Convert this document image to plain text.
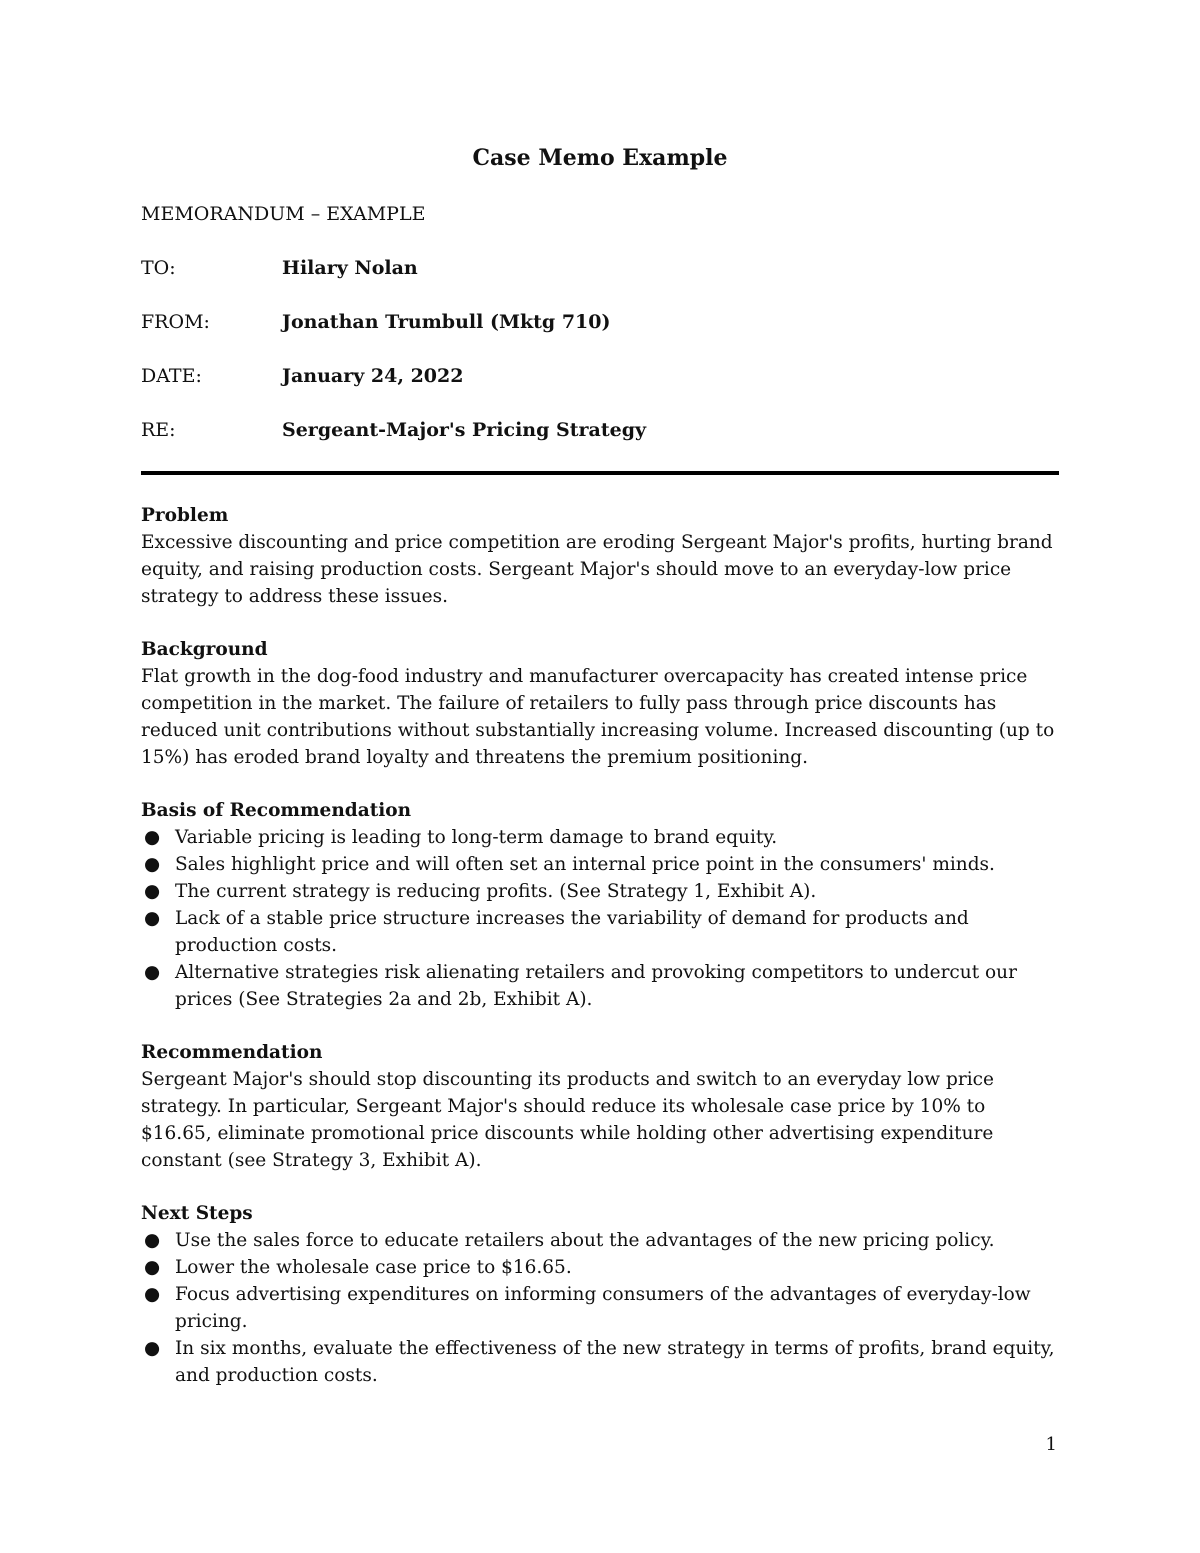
Case Memo Example
MEMORANDUM – EXAMPLE
TO:	Hilary Nolan
FROM:	Jonathan Trumbull (Mktg 710)
DATE:	January 24, 2022
RE:	Sergeant-Major's Pricing Strategy
Problem

Excessive discounting and price competition are eroding Sergeant Major's profits, hurting brand equity, and raising production costs. Sergeant Major's should move to an everyday-low price strategy to address these issues.

Background

Flat growth in the dog-food industry and manufacturer overcapacity has created intense price competition in the market. The failure of retailers to fully pass through price discounts has reduced unit contributions without substantially increasing volume. Increased discounting (up to 15%) has eroded brand loyalty and threatens the premium positioning.

Basis of Recommendation
● Variable pricing is leading to long-term damage to brand equity.
● Sales highlight price and will often set an internal price point in the consumers' minds.
● The current strategy is reducing profits. (See Strategy 1, Exhibit A).
● Lack of a stable price structure increases the variability of demand for products and production costs.
● Alternative strategies risk alienating retailers and provoking competitors to undercut our prices (See Strategies 2a and 2b, Exhibit A).
Recommendation

Sergeant Major's should stop discounting its products and switch to an everyday low price strategy. In particular, Sergeant Major's should reduce its wholesale case price by 10% to $16.65, eliminate promotional price discounts while holding other advertising expenditure constant (see Strategy 3, Exhibit A).

Next Steps
● Use the sales force to educate retailers about the advantages of the new pricing policy.
● Lower the wholesale case price to $16.65.
● Focus advertising expenditures on informing consumers of the advantages of everyday-low pricing.
● In six months, evaluate the effectiveness of the new strategy in terms of profits, brand equity, and production costs.
1
